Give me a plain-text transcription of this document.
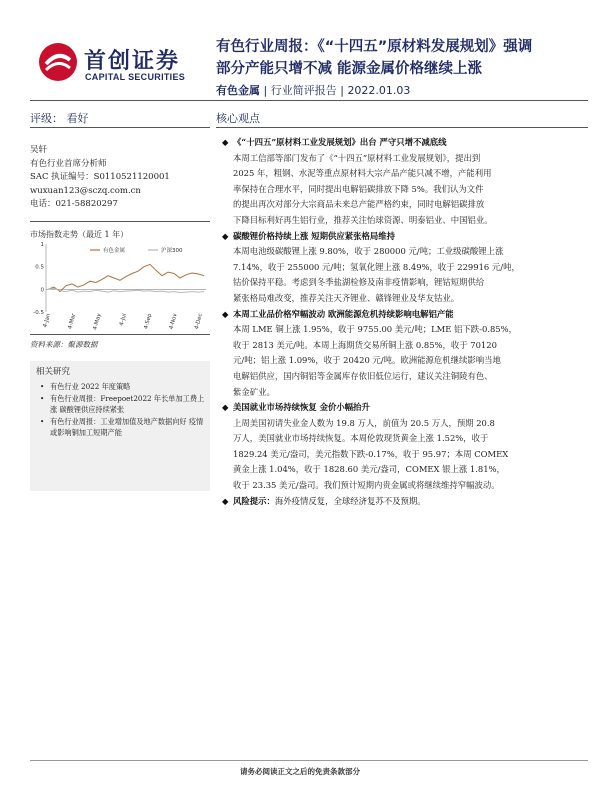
首创证券
CAPITAL SECURITIES
有色行业周报：《“十四五”原材料发展规划》强调
部分产能只增不减 能源金属价格继续上涨
有色金属 | 行业简评报告 | 2022.01.03
评级： 看好	核心观点
吴轩
有色行业首席分析师
SAC 执证编号：S0110521120001
wuxuan123@sczq.com.cn
电话：021-58820297
市场指数走势（最近 1 年）
-0.5
0
0.5
1
4-Jan	4-Mar	4-May	4-Jul	4-Sep	4-Nov	4-Dec
有色金属	沪深300
资料来源：聚源数据
相关研究
• 有色行业 2022 年度策略
• 有色行业周报：Freepoet2022 年长单加工费上涨 碳酸锂供应持续紧张
• 有色行业周报：工业增加值及地产数据向好 疫情或影响铜加工短期产能
◆ 《“十四五”原材料工业发展规划》出台 严守只增不减底线
本周工信部等部门发布了《“十四五”原材料工业发展规划》，提出到
2025 年，粗钢、水泥等重点原材料大宗产品产能只减不增，产能利用
率保持在合理水平，同时提出电解铝碳排放下降 5%。我们认为文件
的提出再次对部分大宗商品未来总产能严格约束，同时电解铝碳排放
下降目标利好再生铝行业，推荐关注怡球资源、明泰铝业、中国铝业。
◆ 碳酸锂价格持续上涨 短期供应紧张格局维持
本周电池级碳酸锂上涨 9.80%，收于 280000 元/吨；工业级碳酸锂上涨
7.14%，收于 255000 元/吨；氢氧化锂上涨 8.49%，收于 229916 元/吨，
钴价保持平稳。考虑到冬季盐湖检修及南非疫情影响，锂钴短期供给
紧张格局难改变，推荐关注天齐锂业、赣锋锂业及华友钴业。
◆ 本周工业品价格窄幅波动 欧洲能源危机持续影响电解铝产能
本周 LME 铜上涨 1.95%，收于 9755.00 美元/吨；LME 铝下跌-0.85%，
收于 2813 美元/吨。本周上海期货交易所铜上涨 0.85%，收于 70120
元/吨；铝上涨 1.09%，收于 20420 元/吨。欧洲能源危机继续影响当地
电解铝供应，国内铜铝等金属库存依旧低位运行，建议关注铜陵有色、
紫金矿业。
◆ 美国就业市场持续恢复 金价小幅抬升
上周美国初请失业金人数为 19.8 万人，前值为 20.5 万人，预期 20.8
万人，美国就业市场持续恢复。本周伦敦现货黄金上涨 1.52%，收于
1829.24 美元/盎司，美元指数下跌-0.17%，收于 95.97；本周 COMEX
黄金上涨 1.04%，收于 1828.60 美元/盎司，COMEX 银上涨 1.81%，
收于 23.35 美元/盎司。我们预计短期内贵金属或将继续维持窄幅波动。
◆ 风险提示：海外疫情反复，全球经济复苏不及预期。
请务必阅读正文之后的免责条款部分
